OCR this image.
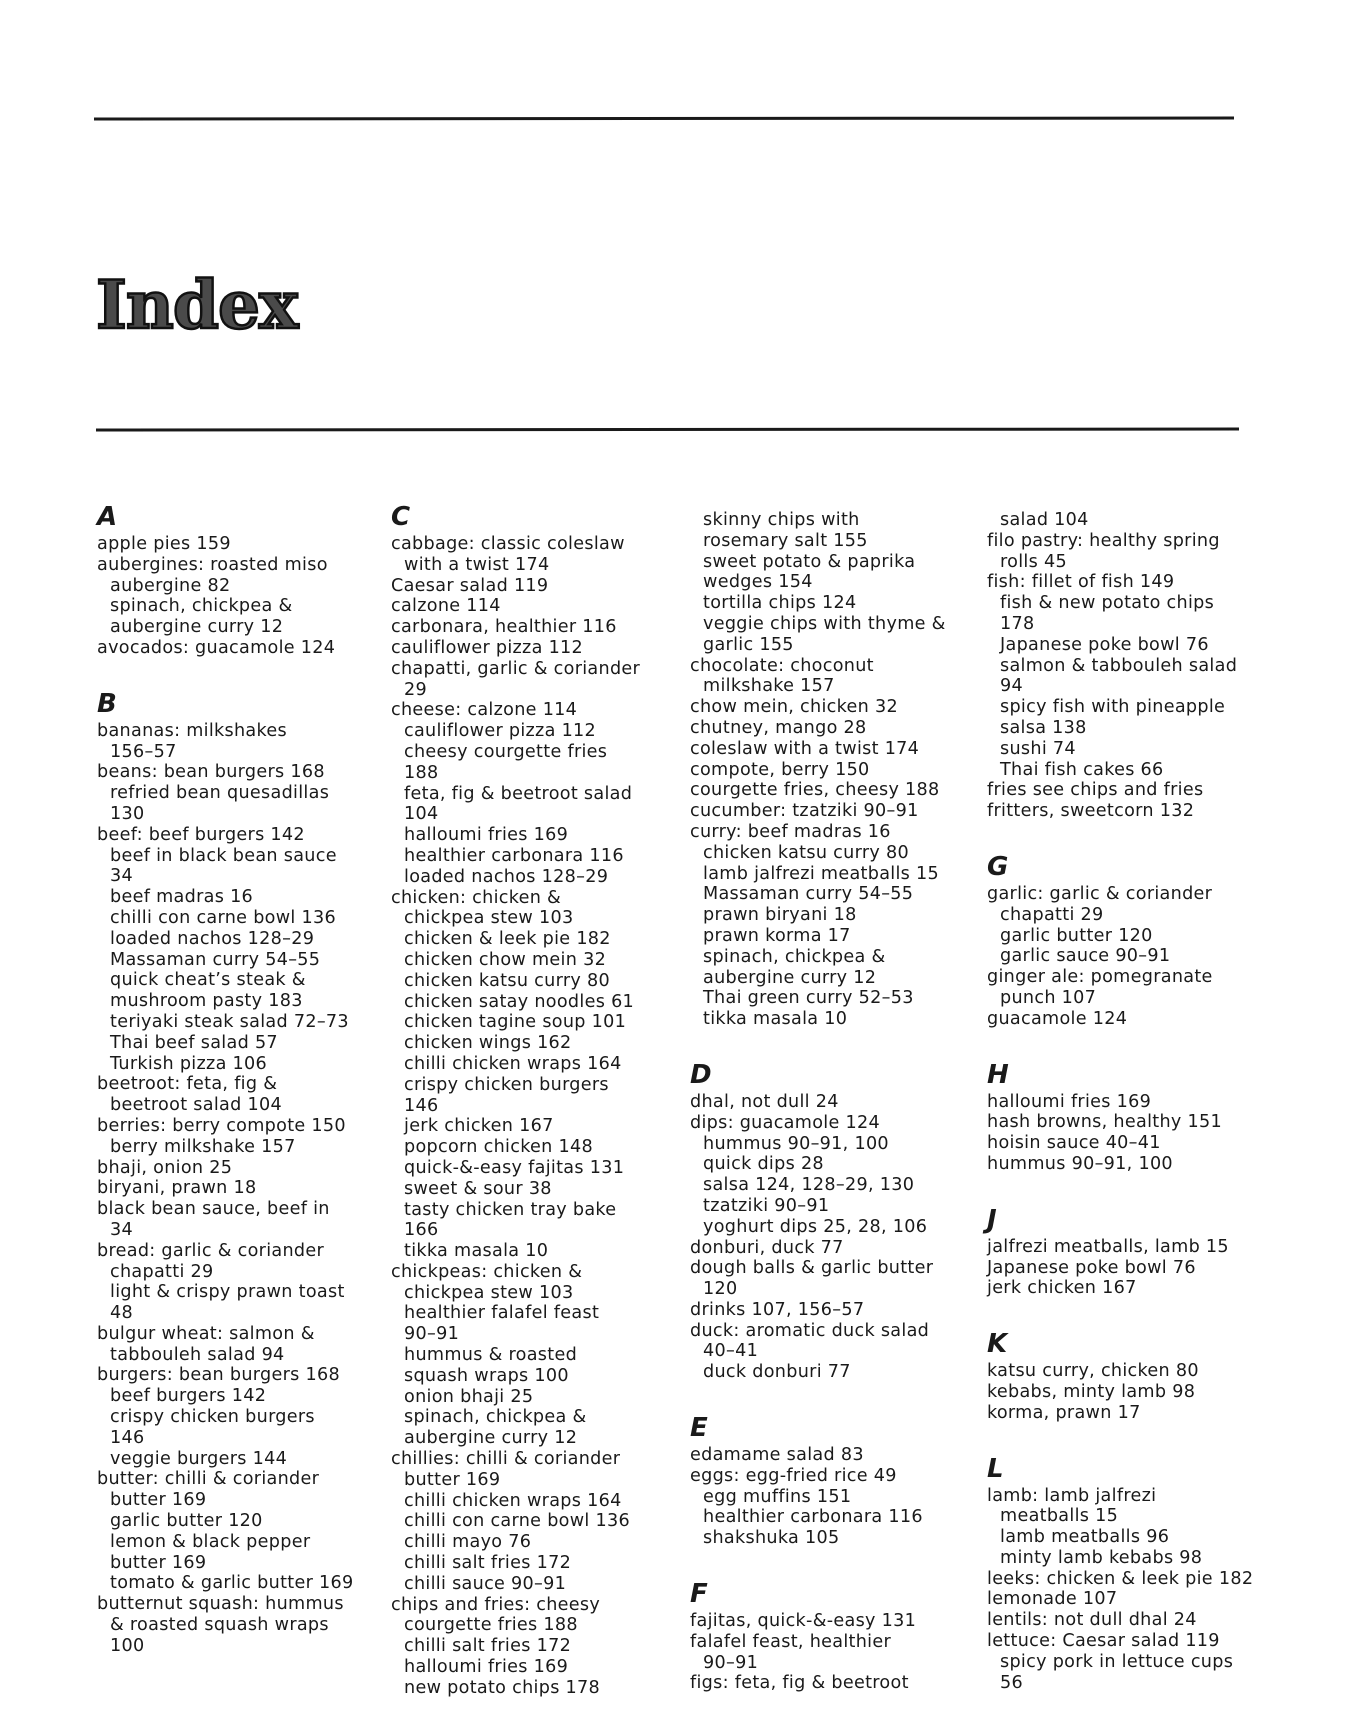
Index
A
apple pies 159
aubergines: roasted miso
aubergine 82
spinach, chickpea &
aubergine curry 12
avocados: guacamole 124
B
bananas: milkshakes
156–57
beans: bean burgers 168
refried bean quesadillas
130
beef: beef burgers 142
beef in black bean sauce
34
beef madras 16
chilli con carne bowl 136
loaded nachos 128–29
Massaman curry 54–55
quick cheat’s steak &
mushroom pasty 183
teriyaki steak salad 72–73
Thai beef salad 57
Turkish pizza 106
beetroot: feta, fig &
beetroot salad 104
berries: berry compote 150
berry milkshake 157
bhaji, onion 25
biryani, prawn 18
black bean sauce, beef in
34
bread: garlic & coriander
chapatti 29
light & crispy prawn toast
48
bulgur wheat: salmon &
tabbouleh salad 94
burgers: bean burgers 168
beef burgers 142
crispy chicken burgers
146
veggie burgers 144
butter: chilli & coriander
butter 169
garlic butter 120
lemon & black pepper
butter 169
tomato & garlic butter 169
butternut squash: hummus
& roasted squash wraps
100
C
cabbage: classic coleslaw
with a twist 174
Caesar salad 119
calzone 114
carbonara, healthier 116
cauliflower pizza 112
chapatti, garlic & coriander
29
cheese: calzone 114
cauliflower pizza 112
cheesy courgette fries
188
feta, fig & beetroot salad
104
halloumi fries 169
healthier carbonara 116
loaded nachos 128–29
chicken: chicken &
chickpea stew 103
chicken & leek pie 182
chicken chow mein 32
chicken katsu curry 80
chicken satay noodles 61
chicken tagine soup 101
chicken wings 162
chilli chicken wraps 164
crispy chicken burgers
146
jerk chicken 167
popcorn chicken 148
quick-&-easy fajitas 131
sweet & sour 38
tasty chicken tray bake
166
tikka masala 10
chickpeas: chicken &
chickpea stew 103
healthier falafel feast
90–91
hummus & roasted
squash wraps 100
onion bhaji 25
spinach, chickpea &
aubergine curry 12
chillies: chilli & coriander
butter 169
chilli chicken wraps 164
chilli con carne bowl 136
chilli mayo 76
chilli salt fries 172
chilli sauce 90–91
chips and fries: cheesy
courgette fries 188
chilli salt fries 172
halloumi fries 169
new potato chips 178
skinny chips with
rosemary salt 155
sweet potato & paprika
wedges 154
tortilla chips 124
veggie chips with thyme &
garlic 155
chocolate: choconut
milkshake 157
chow mein, chicken 32
chutney, mango 28
coleslaw with a twist 174
compote, berry 150
courgette fries, cheesy 188
cucumber: tzatziki 90–91
curry: beef madras 16
chicken katsu curry 80
lamb jalfrezi meatballs 15
Massaman curry 54–55
prawn biryani 18
prawn korma 17
spinach, chickpea &
aubergine curry 12
Thai green curry 52–53
tikka masala 10
D
dhal, not dull 24
dips: guacamole 124
hummus 90–91, 100
quick dips 28
salsa 124, 128–29, 130
tzatziki 90–91
yoghurt dips 25, 28, 106
donburi, duck 77
dough balls & garlic butter
120
drinks 107, 156–57
duck: aromatic duck salad
40–41
duck donburi 77
E
edamame salad 83
eggs: egg-fried rice 49
egg muffins 151
healthier carbonara 116
shakshuka 105
F
fajitas, quick-&-easy 131
falafel feast, healthier
90–91
figs: feta, fig & beetroot
salad 104
filo pastry: healthy spring
rolls 45
fish: fillet of fish 149
fish & new potato chips
178
Japanese poke bowl 76
salmon & tabbouleh salad
94
spicy fish with pineapple
salsa 138
sushi 74
Thai fish cakes 66
fries see chips and fries
fritters, sweetcorn 132
G
garlic: garlic & coriander
chapatti 29
garlic butter 120
garlic sauce 90–91
ginger ale: pomegranate
punch 107
guacamole 124
H
halloumi fries 169
hash browns, healthy 151
hoisin sauce 40–41
hummus 90–91, 100
J
jalfrezi meatballs, lamb 15
Japanese poke bowl 76
jerk chicken 167
K
katsu curry, chicken 80
kebabs, minty lamb 98
korma, prawn 17
L
lamb: lamb jalfrezi
meatballs 15
lamb meatballs 96
minty lamb kebabs 98
leeks: chicken & leek pie 182
lemonade 107
lentils: not dull dhal 24
lettuce: Caesar salad 119
spicy pork in lettuce cups
56
